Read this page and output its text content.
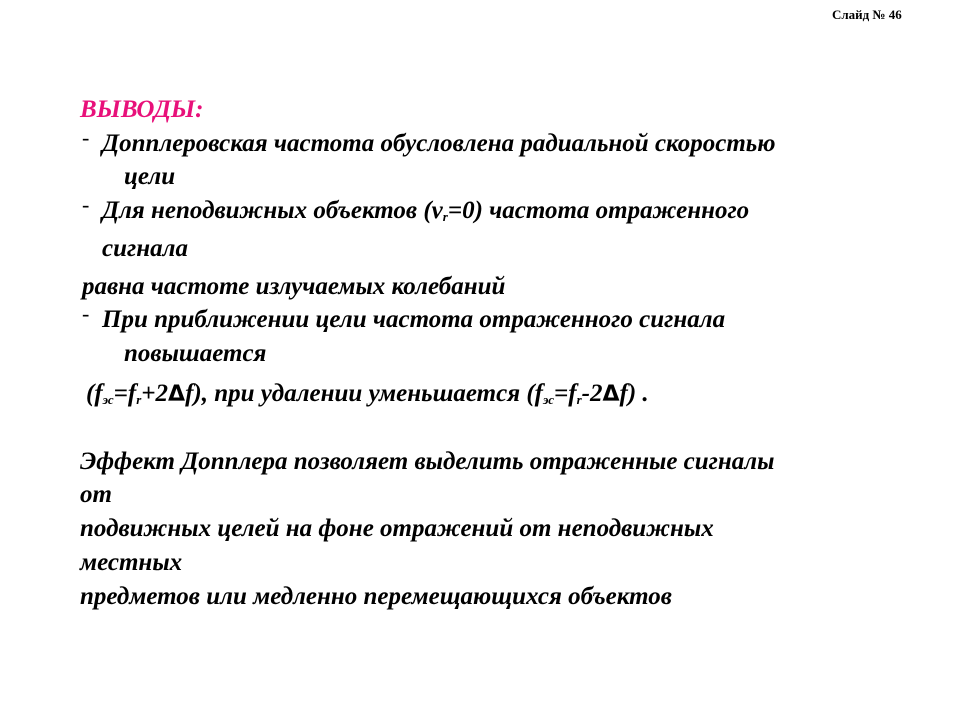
Слайд № 46
ВЫВОДЫ:
- Допплеровская частота обусловлена радиальной скоростью
цели
- Для неподвижных объектов $(v_r=0)$ частота отраженного
сигнала
равна частоте излучаемых колебаний
- При приближении цели частота отраженного сигнала
повышается
$(f_{эс}=f_r+2\Delta f)$, при удалении уменьшается $(f_{эс}=f_r-2\Delta f)$ .
Эффект Допплера позволяет выделить отраженные сигналы
от
подвижных целей на фоне отражений от неподвижных
местных
предметов или медленно перемещающихся объектов
